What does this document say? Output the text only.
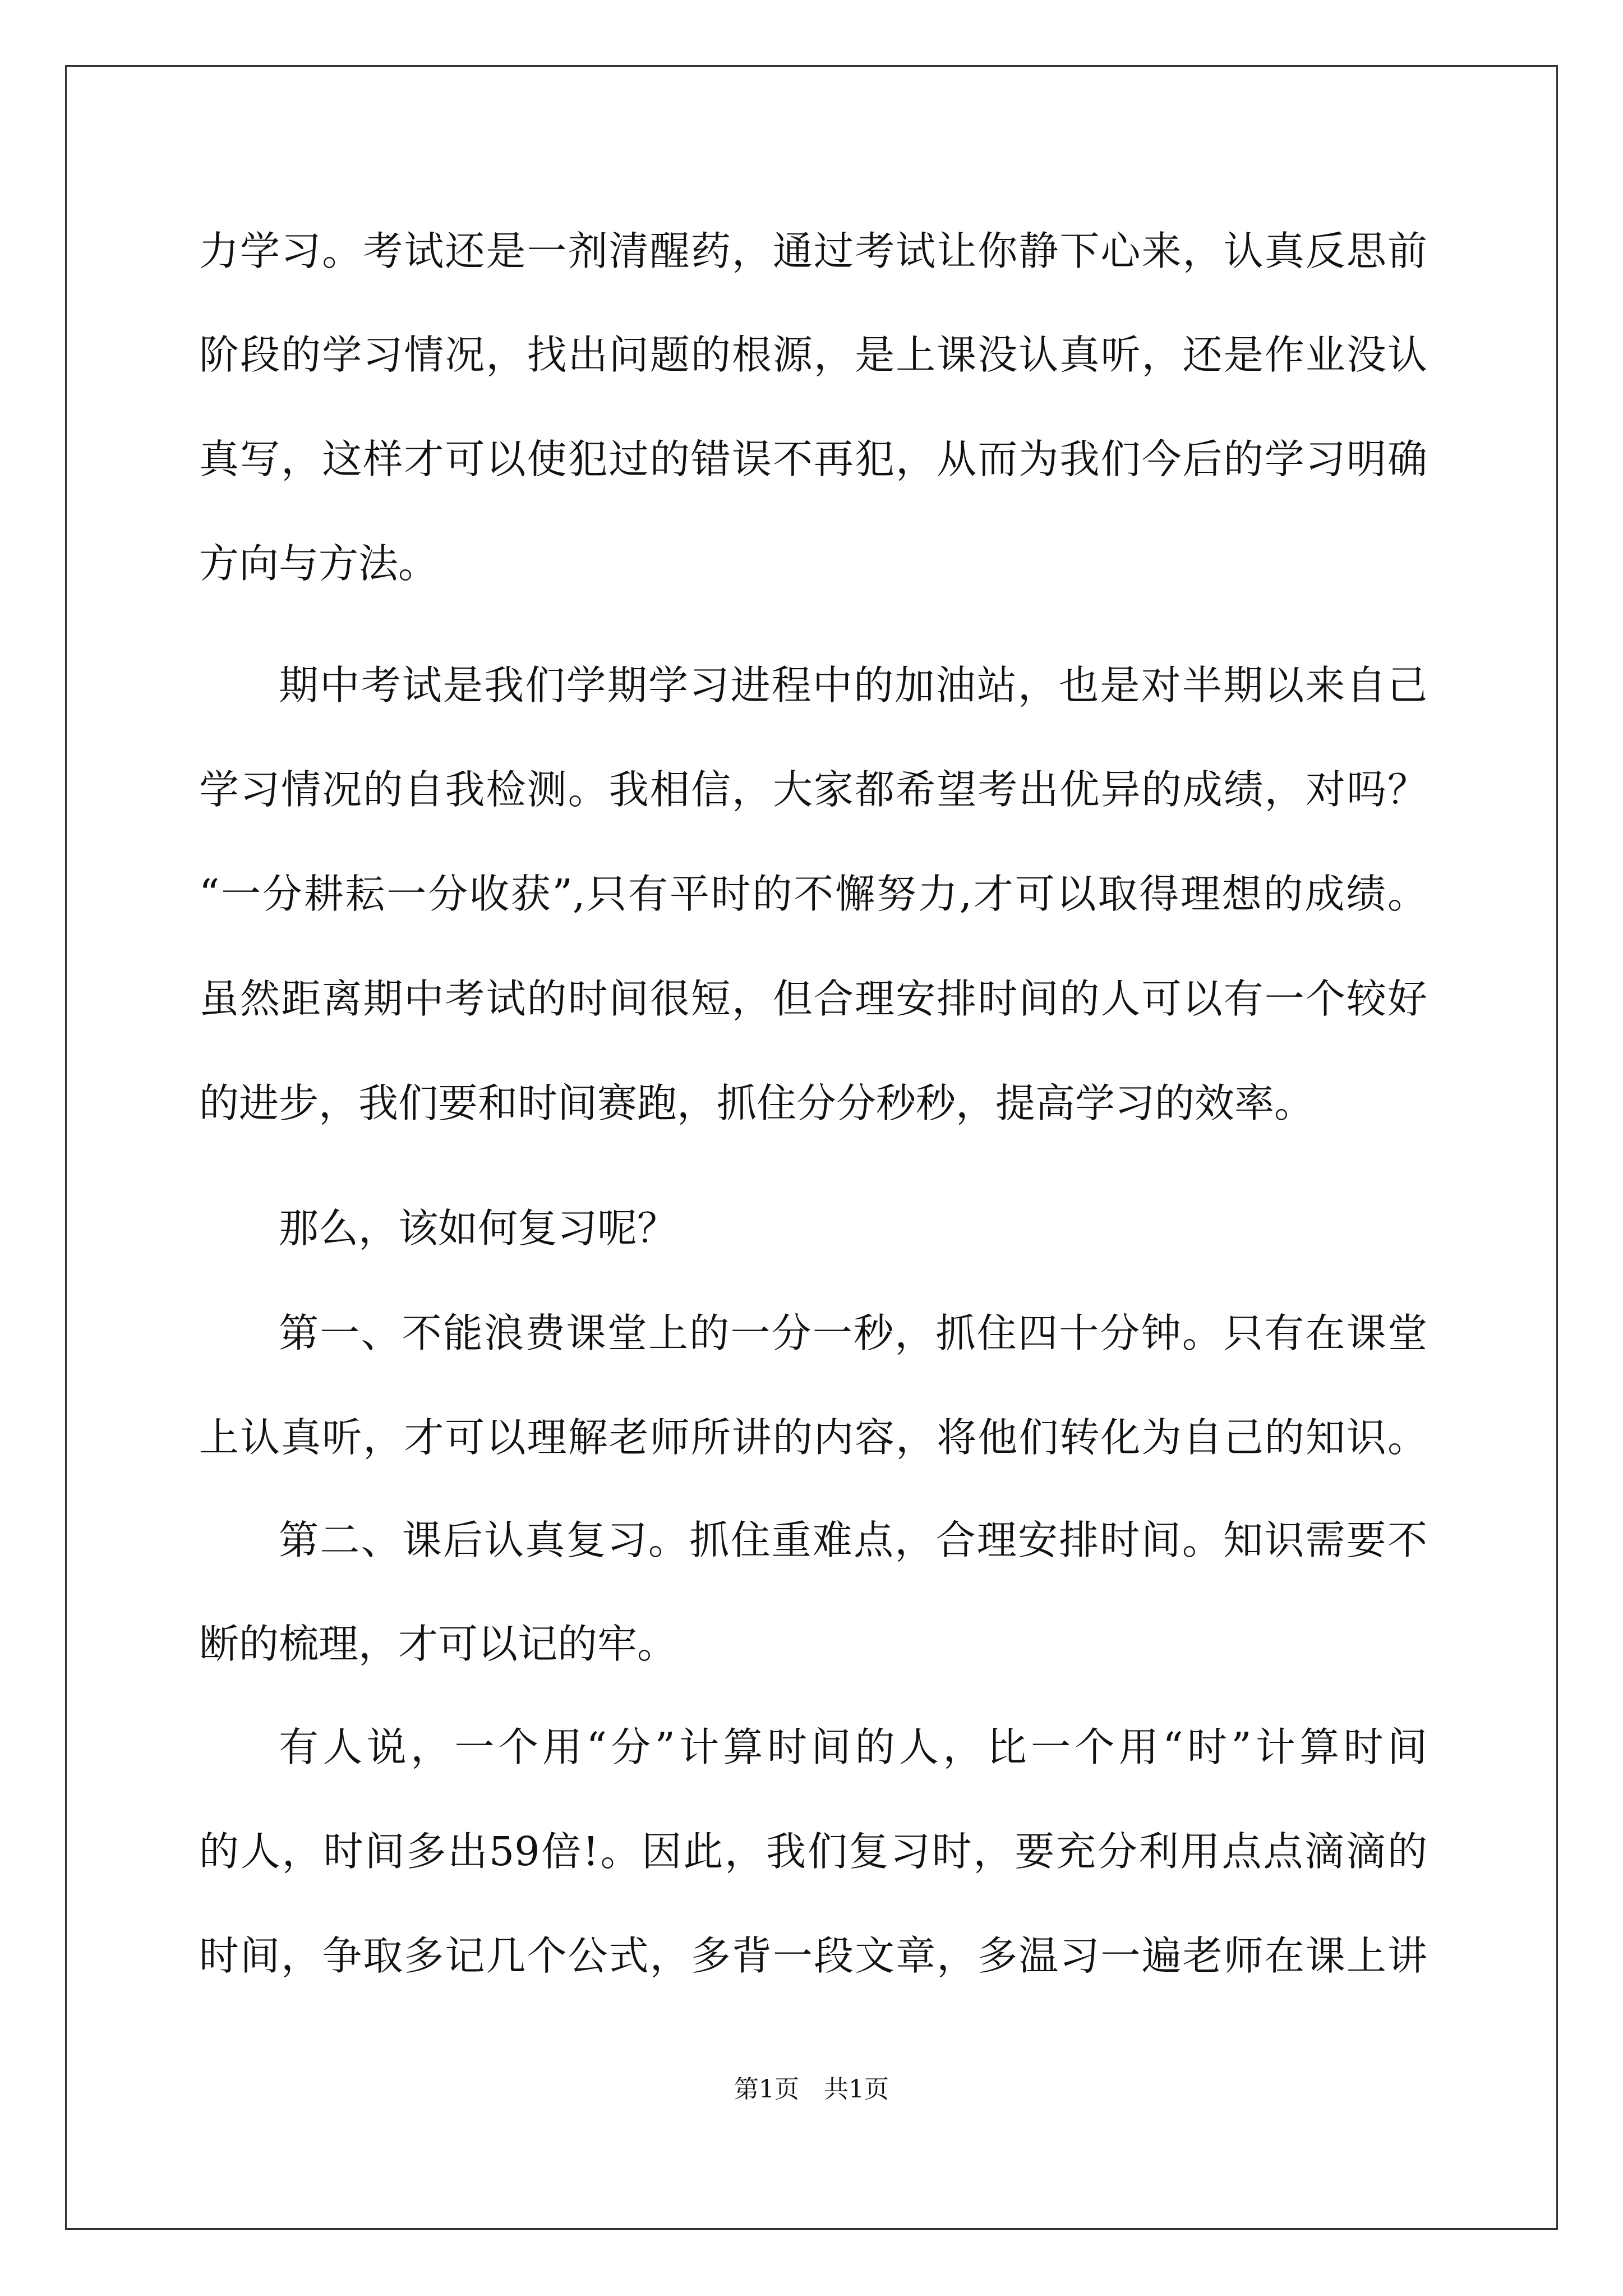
力学习。考试还是一剂清醒药，通过考试让你静下心来，认真反思前
阶段的学习情况，找出问题的根源，是上课没认真听，还是作业没认
真写，这样才可以使犯过的错误不再犯，从而为我们今后的学习明确
方向与方法。
期中考试是我们学期学习进程中的加油站，也是对半期以来自己
学习情况的自我检测。我相信，大家都希望考出优异的成绩，对吗？
“一分耕耘一分收获”,只有平时的不懈努力,才可以取得理想的成绩。
虽然距离期中考试的时间很短，但合理安排时间的人可以有一个较好
的进步，我们要和时间赛跑，抓住分分秒秒，提高学习的效率。
那么，该如何复习呢？
第一、不能浪费课堂上的一分一秒，抓住四十分钟。只有在课堂
上认真听，才可以理解老师所讲的内容，将他们转化为自己的知识。
第二、课后认真复习。抓住重难点，合理安排时间。知识需要不
断的梳理，才可以记的牢。
有人说，一个用“分”计算时间的人，比一个用“时”计算时间
的人，时间多出59倍!。因此，我们复习时，要充分利用点点滴滴的
时间，争取多记几个公式，多背一段文章，多温习一遍老师在课上讲
第1页　共1页
